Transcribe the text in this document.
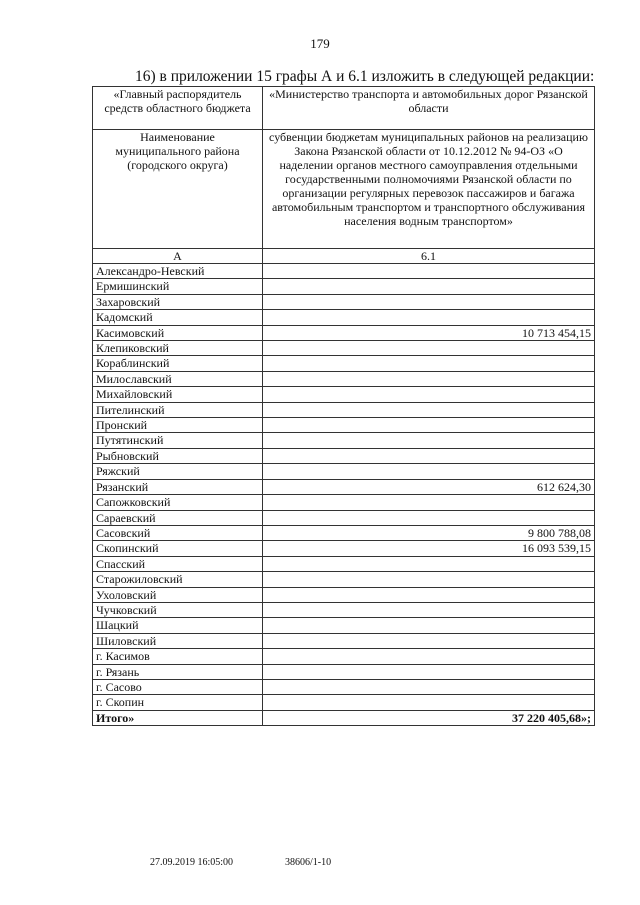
179
16) в приложении 15 графы А и 6.1 изложить в следующей редакции:
«Главный распорядитель средств областного бюджета	«Министерство транспорта и автомобильных дорог Рязанской области
Наименование муниципального района (городского округа)	субвенции бюджетам муниципальных районов на реализацию Закона Рязанской области от 10.12.2012 № 94-ОЗ «О наделении органов местного самоуправления отдельными государственными полномочиями Рязанской области по организации регулярных перевозок пассажиров и багажа автомобильным транспортом и транспортного обслуживания населения водным транспортом»
А	6.1
Александро-Невский	
Ермишинский	
Захаровский	
Кадомский	
Касимовский	10 713 454,15
Клепиковский	
Кораблинский	
Милославский	
Михайловский	
Пителинский	
Пронский	
Путятинский	
Рыбновский	
Ряжский	
Рязанский	612 624,30
Сапожковский	
Сараевский	
Сасовский	9 800 788,08
Скопинский	16 093 539,15
Спасский	
Старожиловский	
Ухоловский	
Чучковский	
Шацкий	
Шиловский	
г. Касимов	
г. Рязань	
г. Сасово	
г. Скопин	
Итого»	37 220 405,68»;
27.09.2019 16:05:00	38606/1-10
